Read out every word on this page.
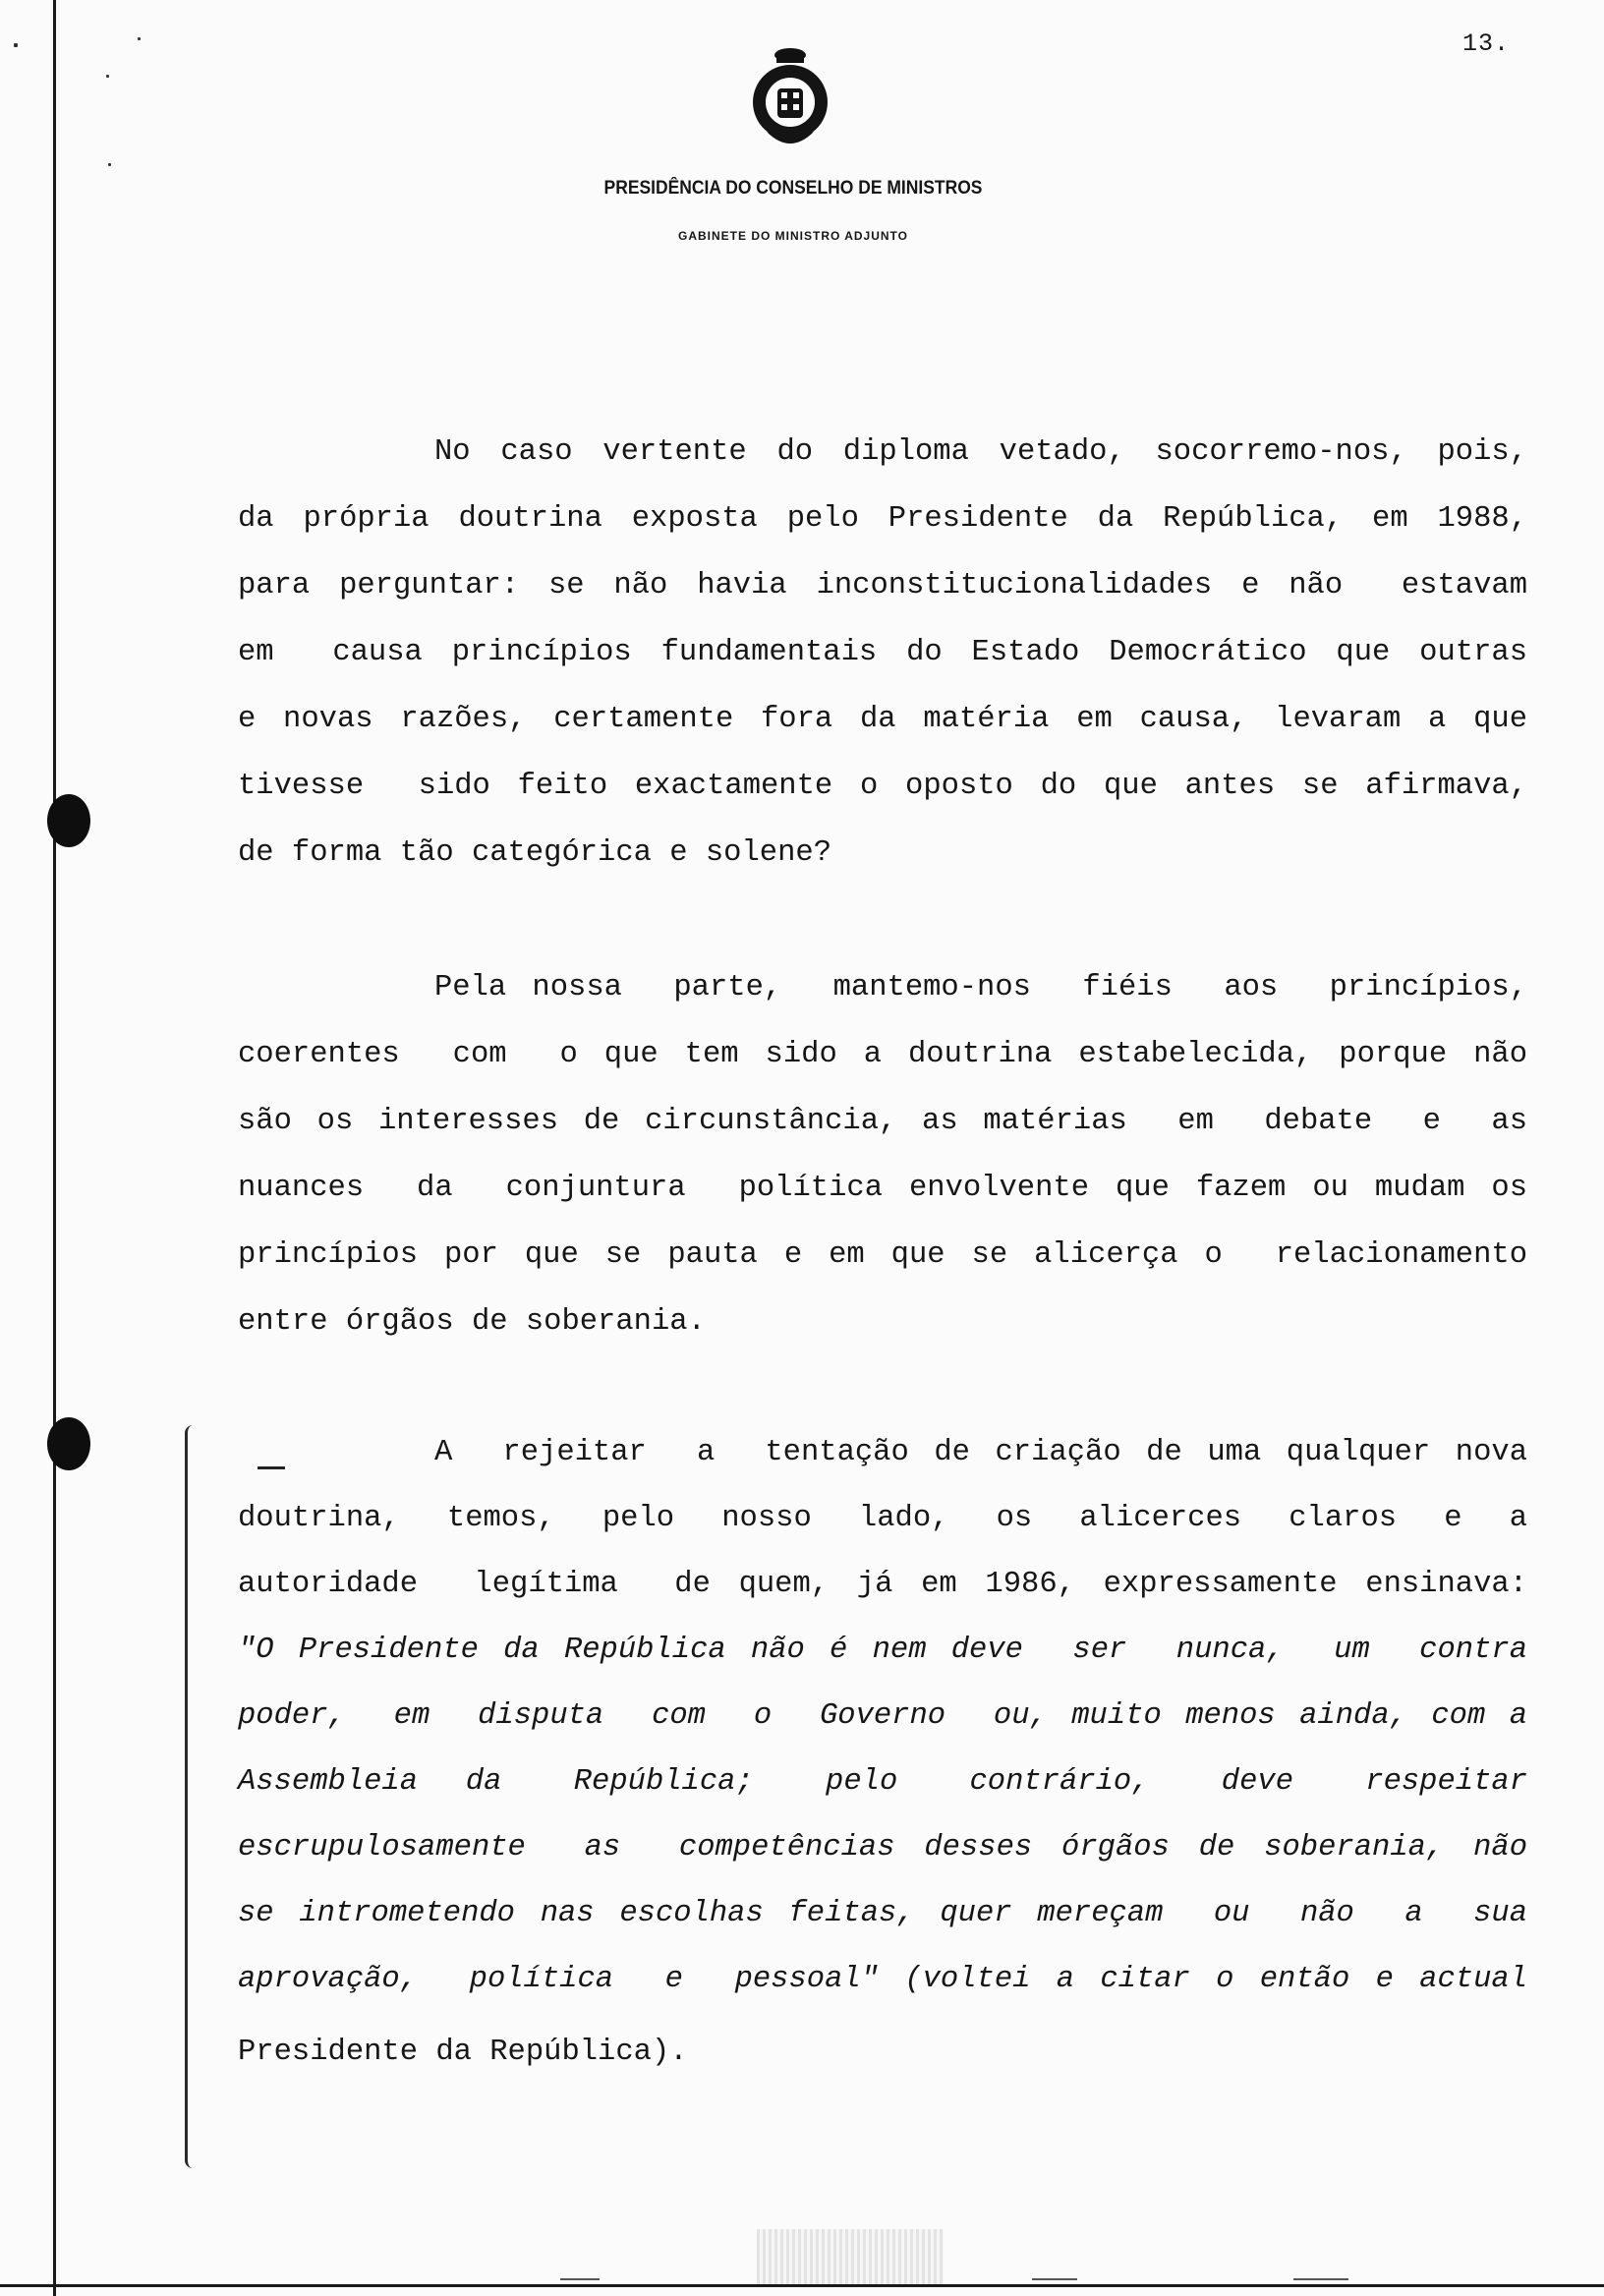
13.
PRESIDÊNCIA DO CONSELHO DE MINISTROS
GABINETE DO MINISTRO ADJUNTO
No caso vertente do diploma vetado, socorremo-nos, pois,
da própria doutrina exposta pelo Presidente da República, em 1988,
para perguntar: se não havia inconstitucionalidades e não  estavam
em  causa princípios fundamentais do Estado Democrático que outras
e novas razões, certamente fora da matéria em causa, levaram a que
tivesse  sido feito exactamente o oposto do que antes se afirmava,
de forma tão categórica e solene?
Pela nossa  parte,  mantemo-nos  fiéis  aos  princípios,
coerentes  com  o que tem sido a doutrina estabelecida, porque não
são os interesses de circunstância, as matérias  em  debate  e  as
nuances  da  conjuntura  política envolvente que fazem ou mudam os
princípios por que se pauta e em que se alicerça o  relacionamento
entre órgãos de soberania.
A  rejeitar  a  tentação de criação de uma qualquer nova
doutrina,  temos,  pelo  nosso  lado,  os  alicerces  claros  e  a
autoridade  legítima  de quem, já em 1986, expressamente ensinava:
"O Presidente da República não é nem deve  ser  nunca,  um  contra
poder,  em  disputa  com  o  Governo  ou, muito menos ainda, com a
Assembleia  da   República;   pelo   contrário,   deve   respeitar
escrupulosamente  as  competências desses órgãos de soberania, não
se intrometendo nas escolhas feitas, quer mereçam  ou  não  a  sua
aprovação,  política  e  pessoal" (voltei a citar o então e actual
Presidente da República).
